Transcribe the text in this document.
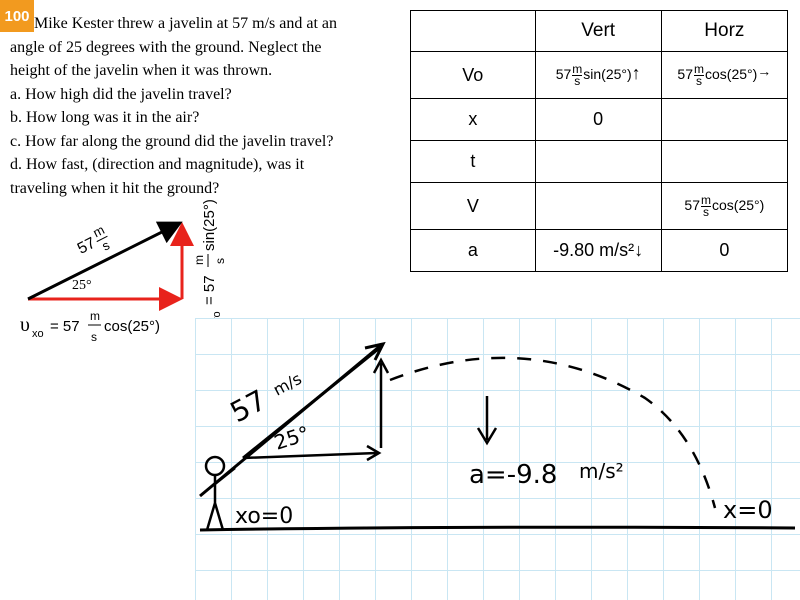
100 Mike Kester threw a javelin at 57 m/s and at an
angle of 25 degrees with the ground. Neglect the
height of the javelin when it was thrown.
a. How high did the javelin travel?
b. How long was it in the air?
c. How far along the ground did the javelin travel?
d. How fast, (direction and magnitude), was it
traveling when it hit the ground?
	Vert	Horz
Vo	$57 \frac{m}{s}$ sin(25°)↑	$57 \frac{m}{s} \cos(25^\circ)^\to$
x	0	
t		
V		$57 \frac{m}{s} \cos(25^\circ)$
a	-9.80 m/s²↓	0
25°
57
m
s
υ xo = 57
m
s
cos(25°)
= 57
m s
sin(25°)
57
m/s
25°
a=-9.8 m/s²
xo=0	x=0
